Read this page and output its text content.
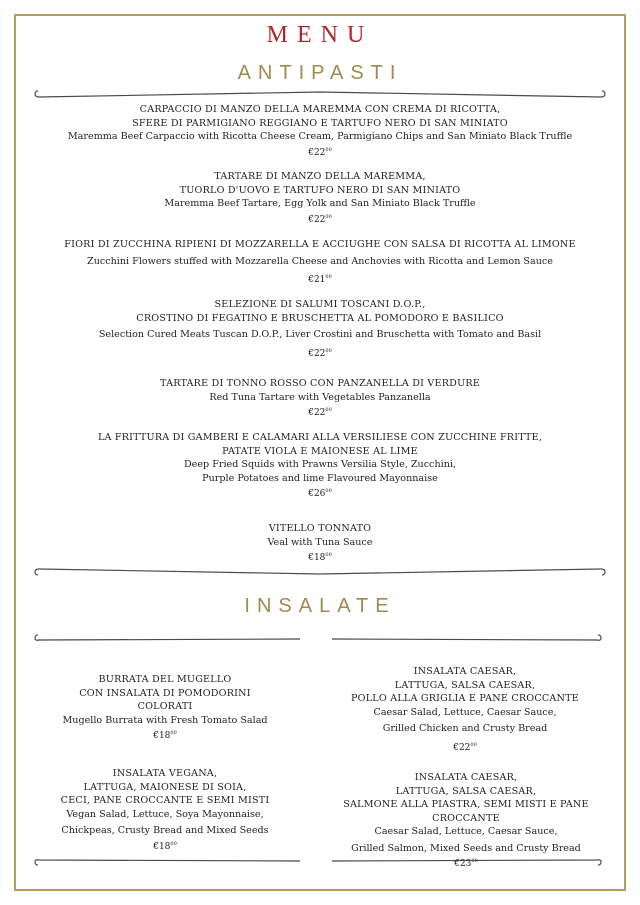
MENU
ANTIPASTI
CARPACCIO DI MANZO DELLA MAREMMA CON CREMA DI RICOTTA,
SFERE DI PARMIGIANO REGGIANO E TARTUFO NERO DI SAN MINIATO
Maremma Beef Carpaccio with Ricotta Cheese Cream, Parmigiano Chips and San Miniato Black Truffle
$€22^{00}$
TARTARE DI MANZO DELLA MAREMMA,
TUORLO D'UOVO E TARTUFO NERO DI SAN MINIATO
Maremma Beef Tartare, Egg Yolk and San Miniato Black Truffle
$€22^{00}$
FIORI DI ZUCCHINA RIPIENI DI MOZZARELLA E ACCIUGHE CON SALSA DI RICOTTA AL LIMONE
Zucchini Flowers stuffed with Mozzarella Cheese and Anchovies with Ricotta and Lemon Sauce
$€21^{00}$
SELEZIONE DI SALUMI TOSCANI D.O.P.,
CROSTINO DI FEGATINO E BRUSCHETTA AL POMODORO E BASILICO
Selection Cured Meats Tuscan D.O.P., Liver Crostini and Bruschetta with Tomato and Basil
$€22^{00}$
TARTARE DI TONNO ROSSO CON PANZANELLA DI VERDURE
Red Tuna Tartare with Vegetables Panzanella
$€22^{00}$
LA FRITTURA DI GAMBERI E CALAMARI ALLA VERSILIESE CON ZUCCHINE FRITTE,
PATATE VIOLA E MAIONESE AL LIME
Deep Fried Squids with Prawns Versilia Style, Zucchini,
Purple Potatoes and lime Flavoured Mayonnaise
$€26^{00}$
VITELLO TONNATO
Veal with Tuna Sauce
$€18^{00}$
INSALATE
BURRATA DEL MUGELLO
CON INSALATA DI POMODORINI
COLORATI
Mugello Burrata with Fresh Tomato Salad
$€18^{00}$
INSALATA CAESAR,
LATTUGA, SALSA CAESAR,
POLLO ALLA GRIGLIA E PANE CROCCANTE
Caesar Salad, Lettuce, Caesar Sauce,
Grilled Chicken and Crusty Bread
$€22^{00}$
INSALATA VEGANA,
LATTUGA, MAIONESE DI SOIA,
CECI, PANE CROCCANTE E SEMI MISTI
Vegan Salad, Lettuce, Soya Mayonnaise,
Chickpeas, Crusty Bread and Mixed Seeds
$€18^{00}$
INSALATA CAESAR,
LATTUGA, SALSA CAESAR,
SALMONE ALLA PIASTRA, SEMI MISTI E PANE CROCCANTE
Caesar Salad, Lettuce, Caesar Sauce,
Grilled Salmon, Mixed Seeds and Crusty Bread
$€23^{00}$
